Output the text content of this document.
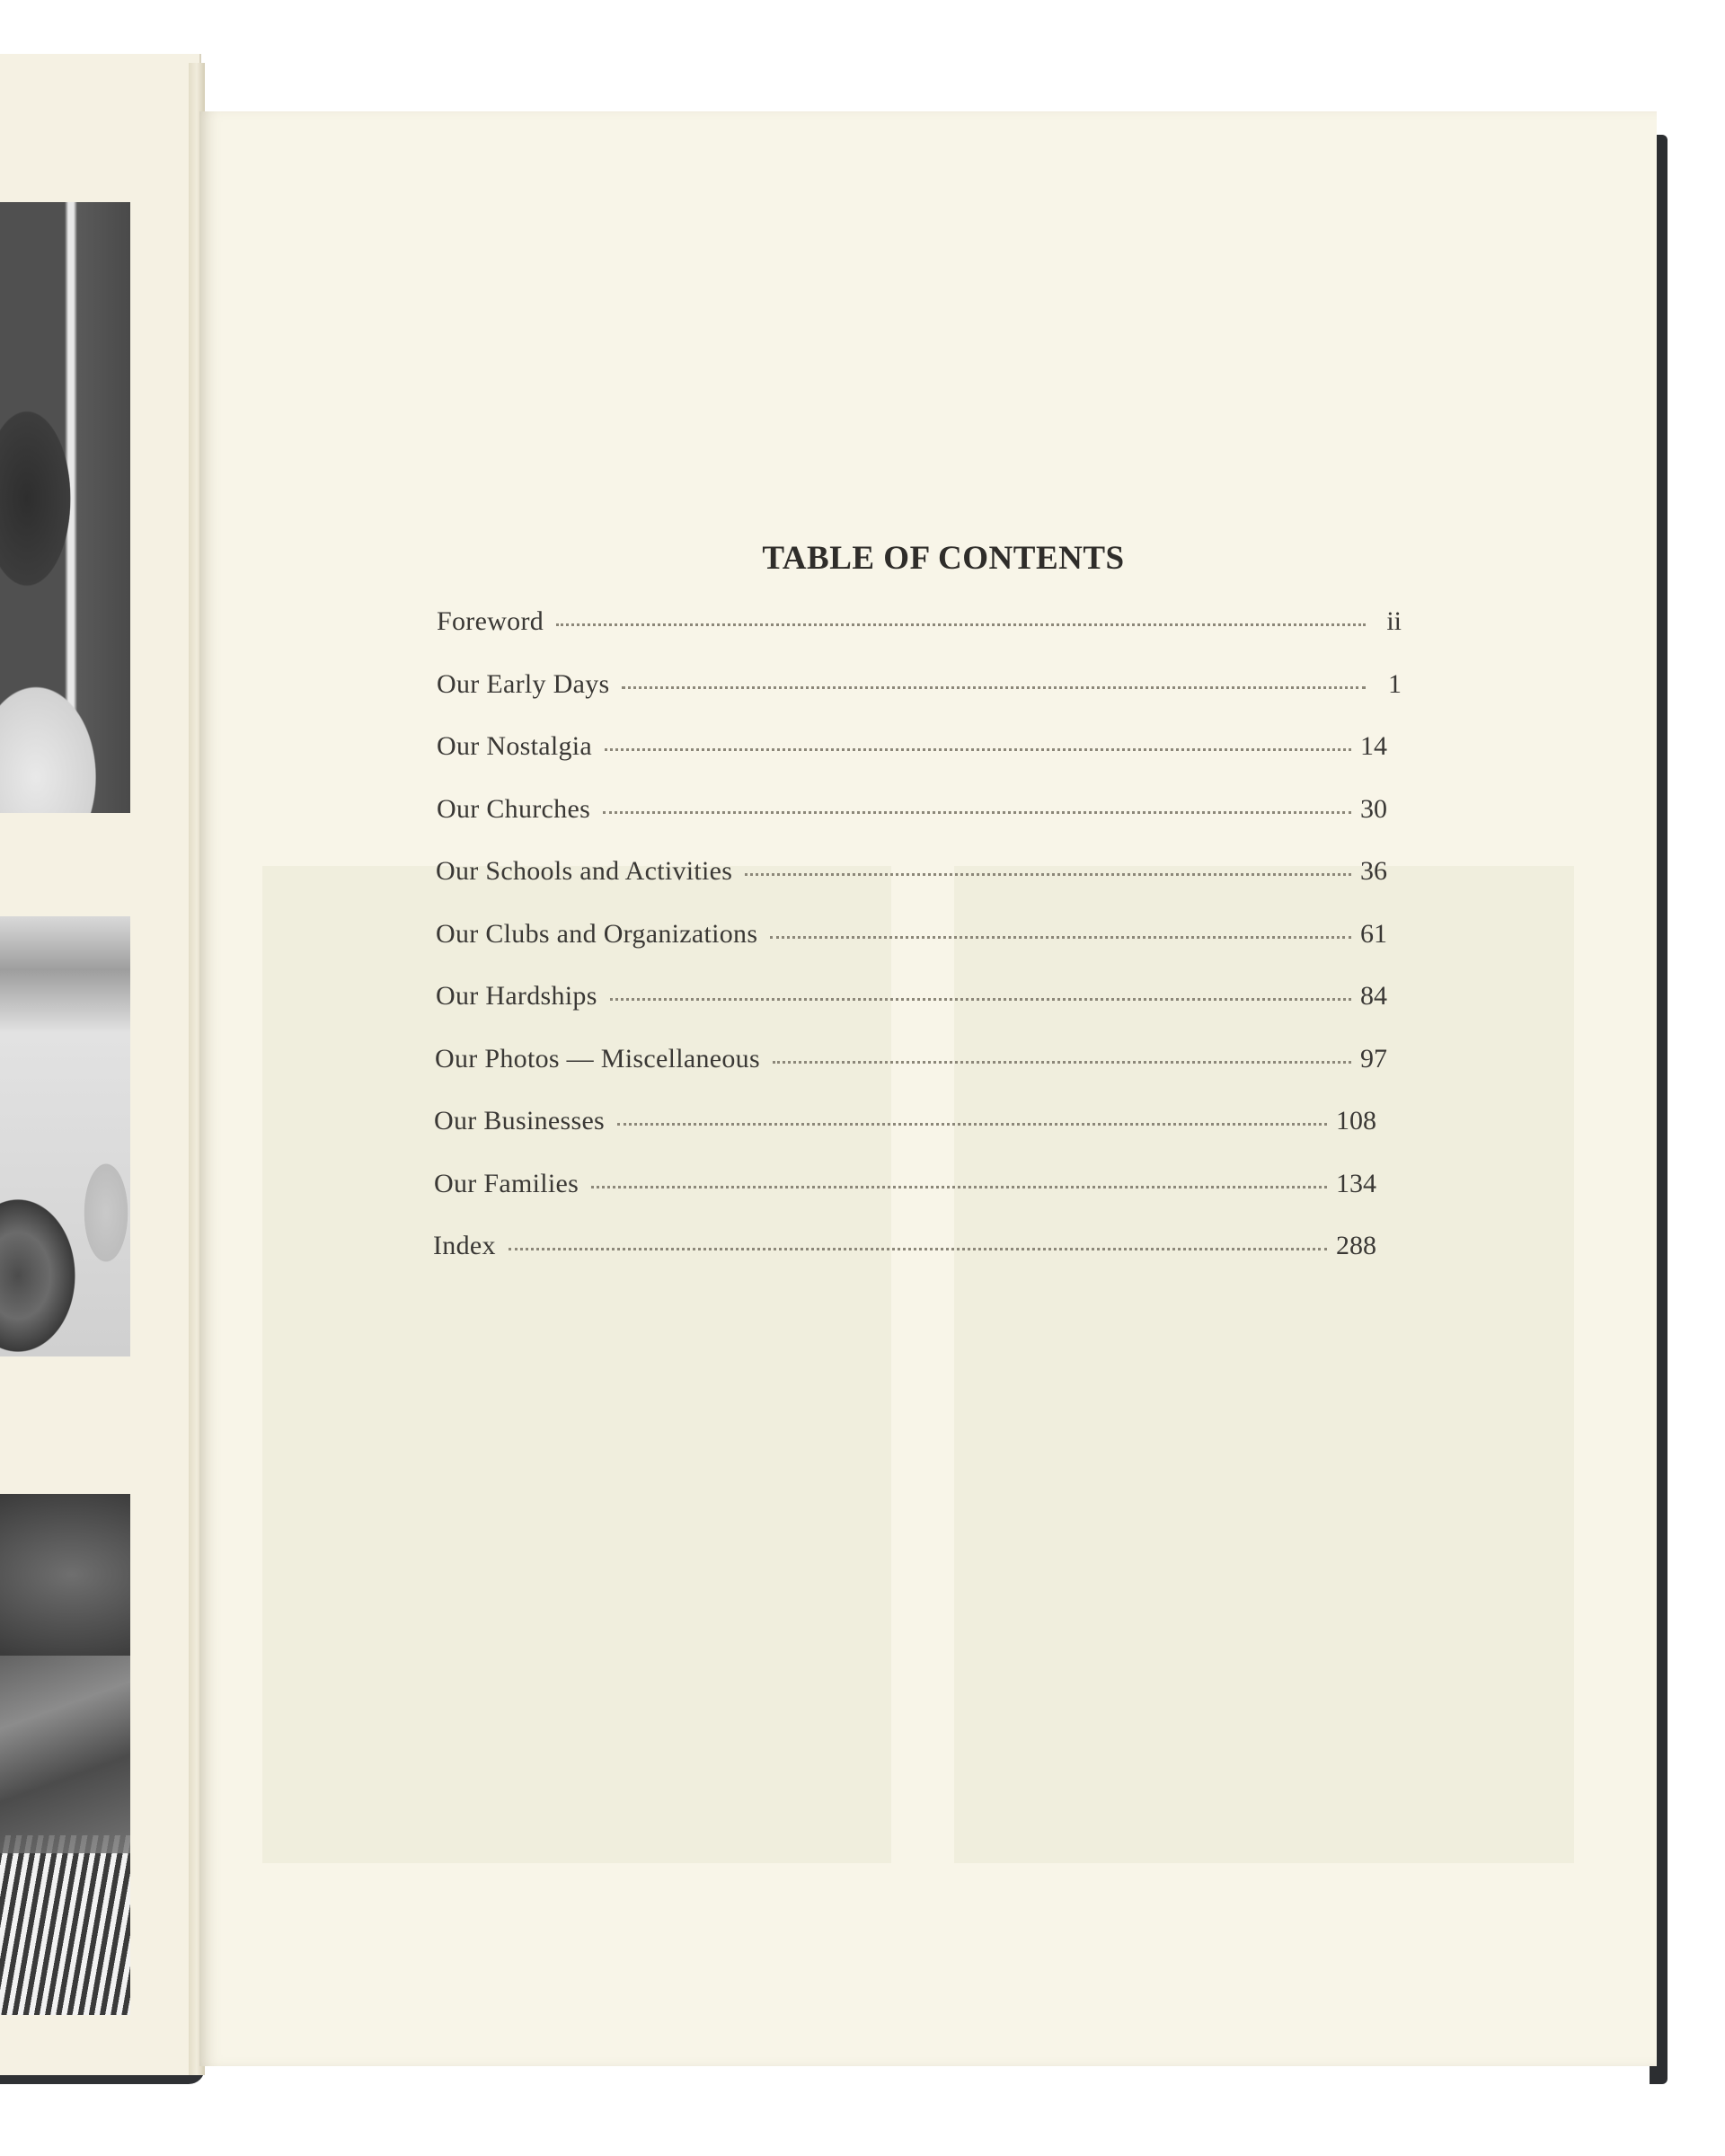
TABLE OF CONTENTS
Foreword	ii
Our Early Days	1
Our Nostalgia	14
Our Churches	30
Our Schools and Activities	36
Our Clubs and Organizations	61
Our Hardships	84
Our Photos — Miscellaneous	97
Our Businesses	108
Our Families	134
Index	288
